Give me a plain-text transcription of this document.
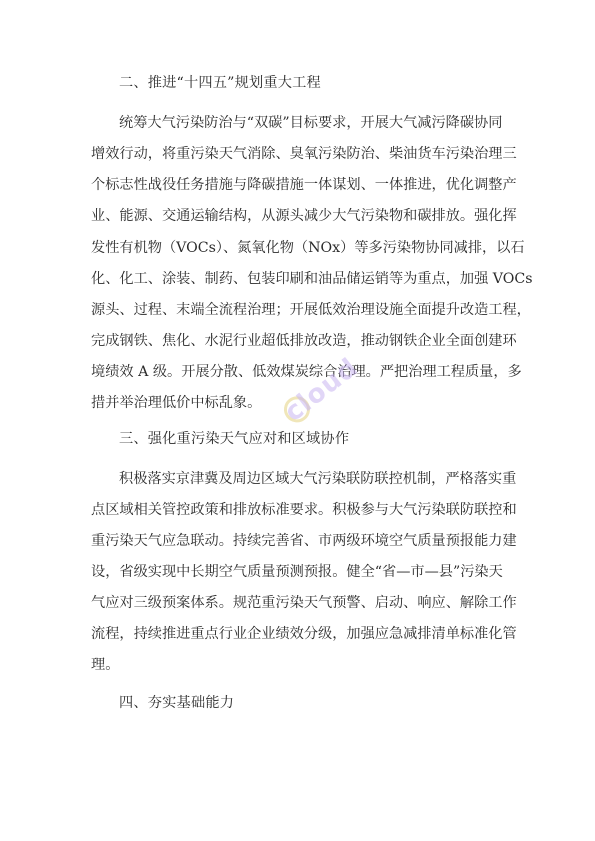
二、推进“十四五”规划重大工程
统筹大气污染防治与“双碳”目标要求，开展大气减污降碳协同
增效行动，将重污染天气消除、臭氧污染防治、柴油货车污染治理三
个标志性战役任务措施与降碳措施一体谋划、一体推进，优化调整产
业、能源、交通运输结构，从源头减少大气污染物和碳排放。强化挥
发性有机物（VOCs）、氮氧化物（NOx）等多污染物协同减排，以石
化、化工、涂装、制药、包装印刷和油品储运销等为重点，加强 VOCs
源头、过程、末端全流程治理；开展低效治理设施全面提升改造工程，
完成钢铁、焦化、水泥行业超低排放改造，推动钢铁企业全面创建环
境绩效 A 级。开展分散、低效煤炭综合治理。严把治理工程质量，多
措并举治理低价中标乱象。
三、强化重污染天气应对和区域协作
积极落实京津冀及周边区域大气污染联防联控机制，严格落实重
点区域相关管控政策和排放标准要求。积极参与大气污染联防联控和
重污染天气应急联动。持续完善省、市两级环境空气质量预报能力建
设，省级实现中长期空气质量预测预报。健全“省—市—县”污染天
气应对三级预案体系。规范重污染天气预警、启动、响应、解除工作
流程，持续推进重点行业企业绩效分级，加强应急减排清单标准化管
理。
四、夯实基础能力
cloud
